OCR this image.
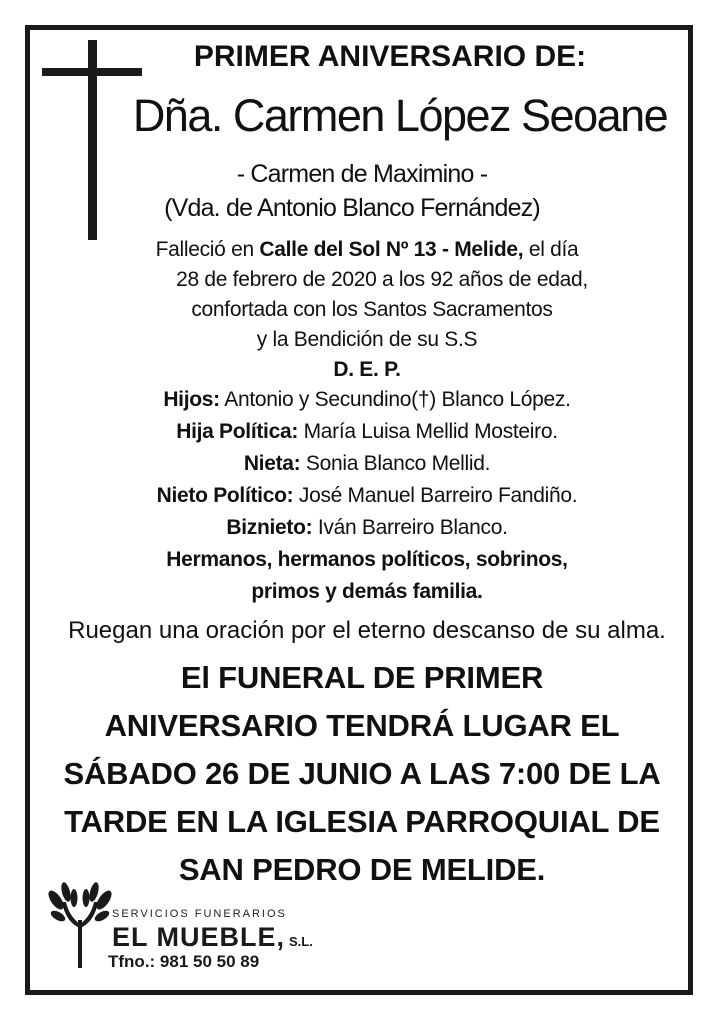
PRIMER ANIVERSARIO DE:
Dña. Carmen López Seoane
- Carmen de Maximino -
(Vda. de Antonio Blanco Fernández)
Falleció en Calle del Sol Nº 13 - Melide, el día
28 de febrero de 2020 a los 92 años de edad,
confortada con los Santos Sacramentos
y la Bendición de su S.S
D. E. P.
Hijos: Antonio y Secundino(†) Blanco López.
Hija Política: María Luisa Mellid Mosteiro.
Nieta: Sonia Blanco Mellid.
Nieto Político: José Manuel Barreiro Fandiño.
Biznieto: Iván Barreiro Blanco.
Hermanos, hermanos políticos, sobrinos,
primos y demás familia.
Ruegan una oración por el eterno descanso de su alma.
El FUNERAL DE PRIMER
ANIVERSARIO TENDRÁ LUGAR EL
SÁBADO 26 DE JUNIO A LAS 7:00 DE LA
TARDE EN LA IGLESIA PARROQUIAL DE
SAN PEDRO DE MELIDE.
SERVICIOS FUNERARIOS
EL MUEBLE, S.L.
Tfno.: 981 50 50 89
